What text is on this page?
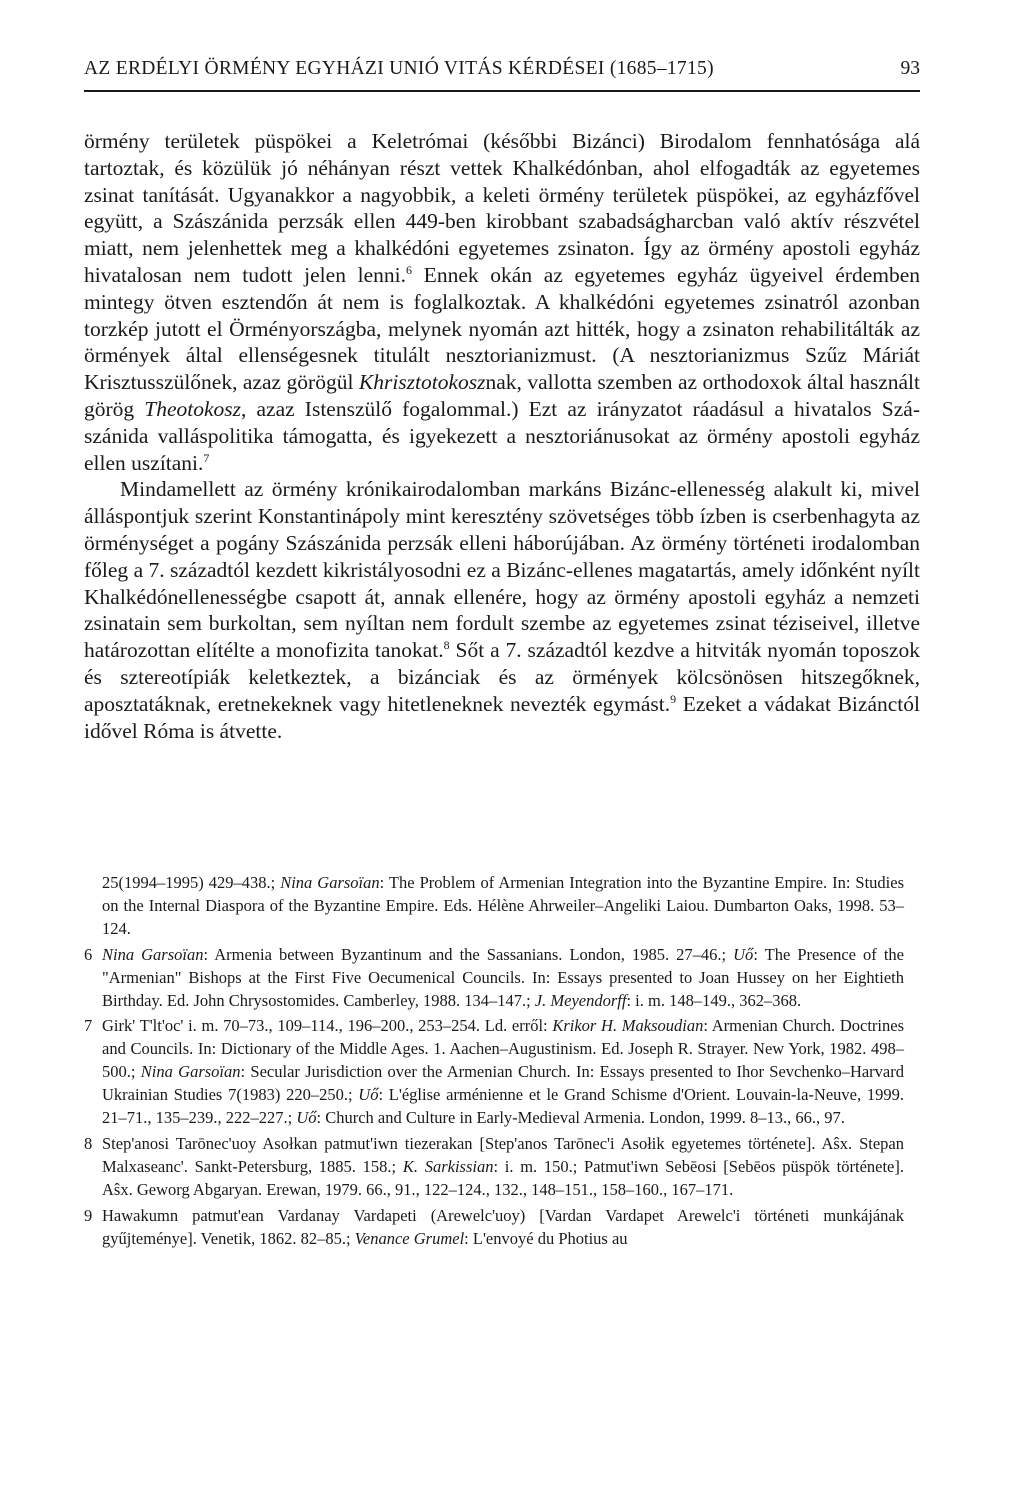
AZ ERDÉLYI ÖRMÉNY EGYHÁZI UNIÓ VITÁS KÉRDÉSEI (1685–1715)	93

örmény területek püspökei a Keletrómai (későbbi Bizánci) Birodalom fennhatósága alá tartoztak, és közülük jó néhányan részt vettek Khalkédónban, ahol elfogadták az egyetemes zsinat tanítását. Ugyanakkor a nagyobbik, a keleti örmény területek püspökei, az egyházfővel együtt, a Szászánida perzsák ellen 449-ben kirobbant szabadságharcban való aktív részvétel miatt, nem jelenhettek meg a khalkédóni egyetemes zsinaton. Így az örmény apostoli egyház hivatalosan nem tudott jelen lenni.$^6$ Ennek okán az egyetemes egyház ügyeivel érdemben mintegy ötven esztendőn át nem is foglalkoztak. A khalkédóni egyetemes zsinatról azonban torzkép jutott el Örményországba, melynek nyomán azt hitték, hogy a zsinaton rehabilitálták az örmények által ellenségesnek titulált nesztorianizmust. (A nesztorianizmus Szűz Máriát Krisztusszülőnek, azaz görögül Khrisztotokosznak, vallotta szemben az orthodoxok által használt görög Theotokosz, azaz Istenszülő fogalommal.) Ezt az irányzatot ráadásul a hivatalos Szászánida valláspolitika támogatta, és igyekezett a nesztoriánusokat az örmény apostoli egyház ellen uszítani.$^7$

Mindamellett az örmény krónikairodalomban markáns Bizánc-ellenesség alakult ki, mivel álláspontjuk szerint Konstantinápoly mint keresztény szövetséges több ízben is cserbenhagyta az örménységet a pogány Szászánida perzsák elleni háborújában. Az örmény történeti irodalomban főleg a 7. századtól kezdett kikristályosodni ez a Bizánc-ellenes magatartás, amely időnként nyílt Khalkédónellenességbe csapott át, annak ellenére, hogy az örmény apostoli egyház a nemzeti zsinatain sem burkoltan, sem nyíltan nem fordult szembe az egyetemes zsinat téziseivel, illetve határozottan elítélte a monofizita tanokat.$^8$ Sőt a 7. századtól kezdve a hitviták nyomán toposzok és sztereotípiák keletkeztek, a bizánciak és az örmények kölcsönösen hitszegőknek, aposztatáknak, eretnekeknek vagy hitetleneknek nevezték egymást.$^9$ Ezeket a vádakat Bizánctól idővel Róma is átvette.

25(1994–1995) 429–438.; Nina Garsoïan: The Problem of Armenian Integration into the Byzantine Empire. In: Studies on the Internal Diaspora of the Byzantine Empire. Eds. Hélène Ahrweiler–Angeliki Laiou. Dumbarton Oaks, 1998. 53–124.
6 Nina Garsoïan: Armenia between Byzantinum and the Sassanians. London, 1985. 27–46.; Uő: The Presence of the "Armenian" Bishops at the First Five Oecumenical Councils. In: Essays presented to Joan Hussey on her Eightieth Birthday. Ed. John Chrysostomides. Camberley, 1988. 134–147.; J. Meyendorff: i. m. 148–149., 362–368.
7 Girk' T'lt'oc' i. m. 70–73., 109–114., 196–200., 253–254. Ld. erről: Krikor H. Maksoudian: Armenian Church. Doctrines and Councils. In: Dictionary of the Middle Ages. 1. Aachen–Augustinism. Ed. Joseph R. Strayer. New York, 1982. 498–500.; Nina Garsoïan: Secular Jurisdiction over the Armenian Church. In: Essays presented to Ihor Sevchenko–Harvard Ukrainian Studies 7(1983) 220–250.; Uő: L'église arménienne et le Grand Schisme d'Orient. Louvain-la-Neuve, 1999. 21–71., 135–239., 222–227.; Uő: Church and Culture in Early-Medieval Armenia. London, 1999. 8–13., 66., 97.
8 Step'anosi Tarōnec'uoy Asołkan patmut'iwn tiezerakan [Step'anos Tarōnec'i Asołik egyetemes története]. Aŝx. Stepan Malxaseanc'. Sankt-Petersburg, 1885. 158.; K. Sarkissian: i. m. 150.; Patmut'iwn Sebēosi [Sebēos püspök története]. Aŝx. Geworg Abgaryan. Erewan, 1979. 66., 91., 122–124., 132., 148–151., 158–160., 167–171.
9 Hawakumn patmut'ean Vardanay Vardapeti (Arewelc'uoy) [Vardan Vardapet Arewelc'i történeti munkájának gyűjteménye]. Venetik, 1862. 82–85.; Venance Grumel: L'envoyé du Photius au
